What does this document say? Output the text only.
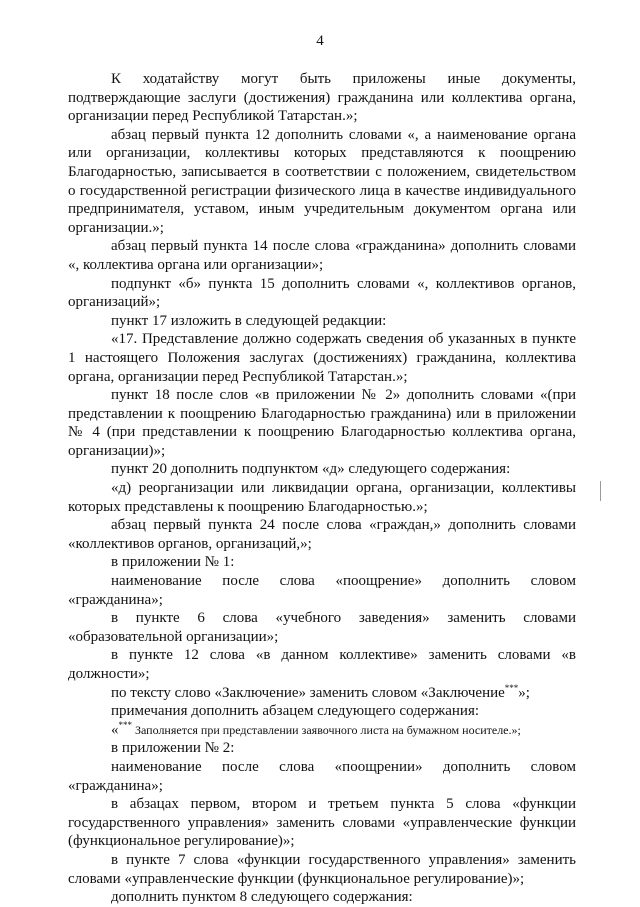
4

К ходатайству могут быть приложены иные документы, подтверждающие заслуги (достижения) гражданина или коллектива органа, организации перед Республикой Татарстан.»;

абзац первый пункта 12 дополнить словами «, а наименование органа или организации, коллективы которых представляются к поощрению Благодарностью, записывается в соответствии с положением, свидетельством о государственной регистрации физического лица в качестве индивидуального предпринимателя, уставом, иным учредительным документом органа или организации.»;

абзац первый пункта 14 после слова «гражданина» дополнить словами «, коллектива органа или организации»;

подпункт «б» пункта 15 дополнить словами «, коллективов органов, организаций»;

пункт 17 изложить в следующей редакции:

«17. Представление должно содержать сведения об указанных в пункте 1 настоящего Положения заслугах (достижениях) гражданина, коллектива органа, организации перед Республикой Татарстан.»;

пункт 18 после слов «в приложении № 2» дополнить словами «(при представлении к поощрению Благодарностью гражданина) или в приложении № 4 (при представлении к поощрению Благодарностью коллектива органа, организации)»;

пункт 20 дополнить подпунктом «д» следующего содержания:

«д) реорганизации или ликвидации органа, организации, коллективы которых представлены к поощрению Благодарностью.»;

абзац первый пункта 24 после слова «граждан,» дополнить словами «коллективов органов, организаций,»;

в приложении № 1:

наименование после слова «поощрение» дополнить словом «гражданина»;

в пункте 6 слова «учебного заведения» заменить словами «образовательной организации»;

в пункте 12 слова «в данном коллективе» заменить словами «в должности»;

по тексту слово «Заключение» заменить словом «Заключение***»;

примечания дополнить абзацем следующего содержания:

«*** Заполняется при представлении заявочного листа на бумажном носителе.»;

в приложении № 2:

наименование после слова «поощрении» дополнить словом «гражданина»;

в абзацах первом, втором и третьем пункта 5 слова «функции государственного управления» заменить словами «управленческие функции (функциональное регулирование)»;

в пункте 7 слова «функции государственного управления» заменить словами «управленческие функции (функциональное регулирование)»;

дополнить пунктом 8 следующего содержания:
